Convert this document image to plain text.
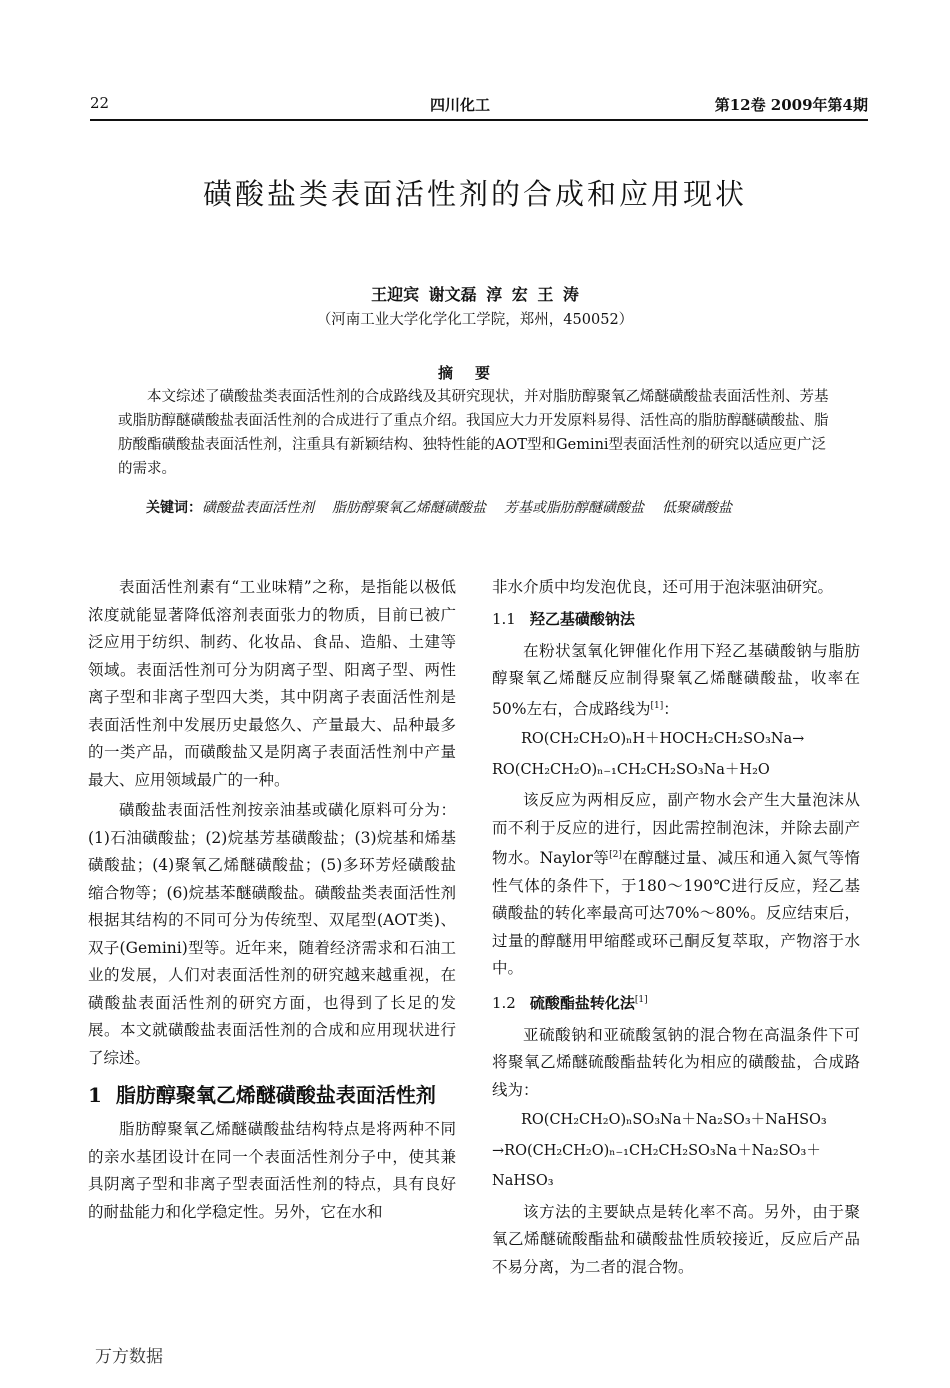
22	四川化工	第12卷 2009年第4期
磺酸盐类表面活性剂的合成和应用现状
王迎宾 谢文磊 淳 宏 王 涛
（河南工业大学化学化工学院，郑州，450052）
摘要

本文综述了磺酸盐类表面活性剂的合成路线及其研究现状，并对脂肪醇聚氧乙烯醚磺酸盐表面活性剂、芳基或脂肪醇醚磺酸盐表面活性剂的合成进行了重点介绍。我国应大力开发原料易得、活性高的脂肪醇醚磺酸盐、脂肪酸酯磺酸盐表面活性剂，注重具有新颖结构、独特性能的AOT型和Gemini型表面活性剂的研究以适应更广泛的需求。

关键词：磺酸盐表面活性剂 脂肪醇聚氧乙烯醚磺酸盐 芳基或脂肪醇醚磺酸盐 低聚磺酸盐

表面活性剂素有“工业味精”之称，是指能以极低浓度就能显著降低溶剂表面张力的物质，目前已被广泛应用于纺织、制药、化妆品、食品、造船、土建等领域。表面活性剂可分为阴离子型、阳离子型、两性离子型和非离子型四大类，其中阴离子表面活性剂是表面活性剂中发展历史最悠久、产量最大、品种最多的一类产品，而磺酸盐又是阴离子表面活性剂中产量最大、应用领域最广的一种。

磺酸盐表面活性剂按亲油基或磺化原料可分为：(1)石油磺酸盐；(2)烷基芳基磺酸盐；(3)烷基和烯基磺酸盐；(4)聚氧乙烯醚磺酸盐；(5)多环芳烃磺酸盐缩合物等；(6)烷基苯醚磺酸盐。磺酸盐类表面活性剂根据其结构的不同可分为传统型、双尾型(AOT类)、双子(Gemini)型等。近年来，随着经济需求和石油工业的发展，人们对表面活性剂的研究越来越重视，在磺酸盐表面活性剂的研究方面，也得到了长足的发展。本文就磺酸盐表面活性剂的合成和应用现状进行了综述。

1 脂肪醇聚氧乙烯醚磺酸盐表面活性剂

脂肪醇聚氧乙烯醚磺酸盐结构特点是将两种不同的亲水基团设计在同一个表面活性剂分子中，使其兼具阴离子型和非离子型表面活性剂的特点，具有良好的耐盐能力和化学稳定性。另外，它在水和

非水介质中均发泡优良，还可用于泡沫驱油研究。

1.1 羟乙基磺酸钠法

在粉状氢氧化钾催化作用下羟乙基磺酸钠与脂肪醇聚氧乙烯醚反应制得聚氧乙烯醚磺酸盐，收率在50%左右，合成路线为[1]：

RO(CH₂CH₂O)ₙH＋HOCH₂CH₂SO₃Na→

RO(CH₂CH₂O)ₙ₋₁CH₂CH₂SO₃Na＋H₂O

该反应为两相反应，副产物水会产生大量泡沫从而不利于反应的进行，因此需控制泡沫，并除去副产物水。Naylor等[2]在醇醚过量、减压和通入氮气等惰性气体的条件下，于180～190℃进行反应，羟乙基磺酸盐的转化率最高可达70%～80%。反应结束后，过量的醇醚用甲缩醛或环己酮反复萃取，产物溶于水中。

1.2 硫酸酯盐转化法[1]

亚硫酸钠和亚硫酸氢钠的混合物在高温条件下可将聚氧乙烯醚硫酸酯盐转化为相应的磺酸盐，合成路线为：

RO(CH₂CH₂O)ₙSO₃Na＋Na₂SO₃＋NaHSO₃

→RO(CH₂CH₂O)ₙ₋₁CH₂CH₂SO₃Na＋Na₂SO₃＋

NaHSO₃

该方法的主要缺点是转化率不高。另外，由于聚氧乙烯醚硫酸酯盐和磺酸盐性质较接近，反应后产品不易分离，为二者的混合物。

万方数据
